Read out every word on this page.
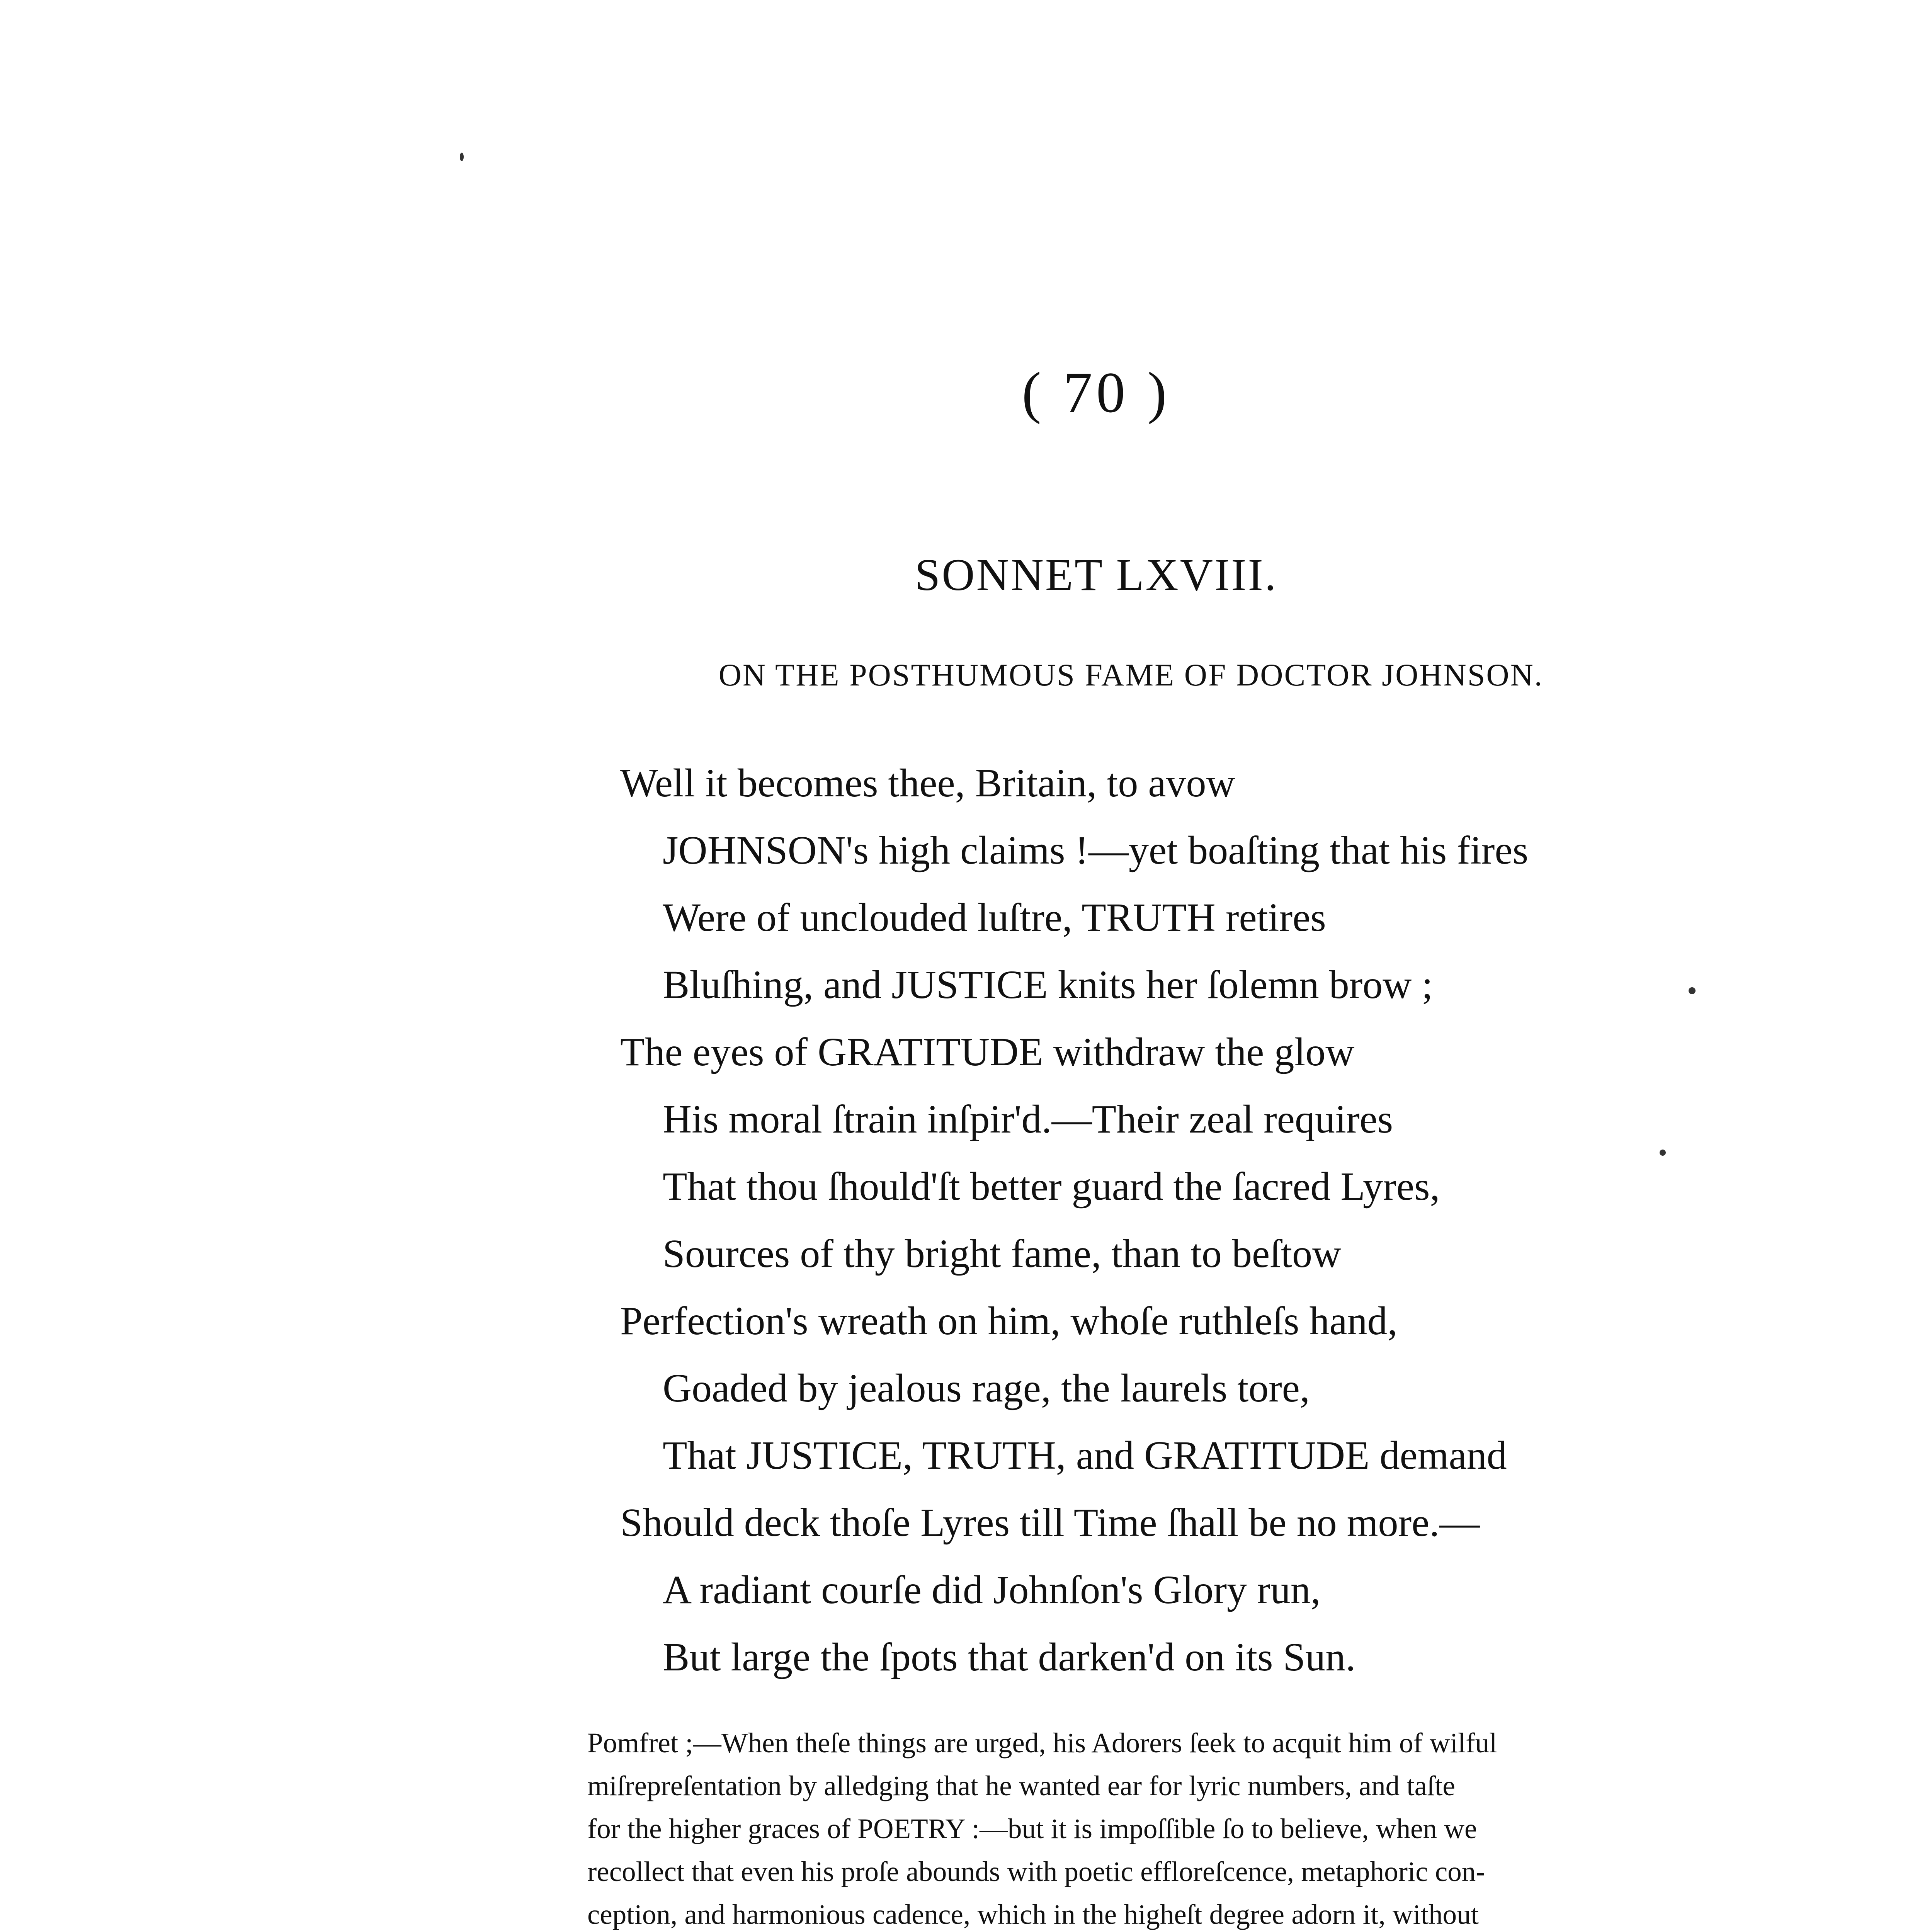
( 70 )
SONNET LXVIII.
ON THE POSTHUMOUS FAME OF DOCTOR JOHNSON.
Well it becomes thee, Britain, to avow
JOHNSON's high claims !—yet boaſting that his fires
Were of unclouded luſtre, TRUTH retires
Bluſhing, and JUSTICE knits her ſolemn brow ;
The eyes of GRATITUDE withdraw the glow
His moral ſtrain inſpir'd.—Their zeal requires
That thou ſhould'ſt better guard the ſacred Lyres,
Sources of thy bright fame, than to beſtow
Perfection's wreath on him, whoſe ruthleſs hand,
Goaded by jealous rage, the laurels tore,
That JUSTICE, TRUTH, and GRATITUDE demand
Should deck thoſe Lyres till Time ſhall be no more.—
A radiant courſe did Johnſon's Glory run,
But large the ſpots that darken'd on its Sun.
Pomfret ;—When theſe things are urged, his Adorers ſeek to acquit him of wilful
miſrepreſentation by alledging that he wanted ear for lyric numbers, and taſte
for the higher graces of POETRY :—but it is impoſſible ſo to believe, when we
recollect that even his proſe abounds with poetic effloreſcence, metaphoric con-
ception, and harmonious cadence, which in the higheſt degree adorn it, without
